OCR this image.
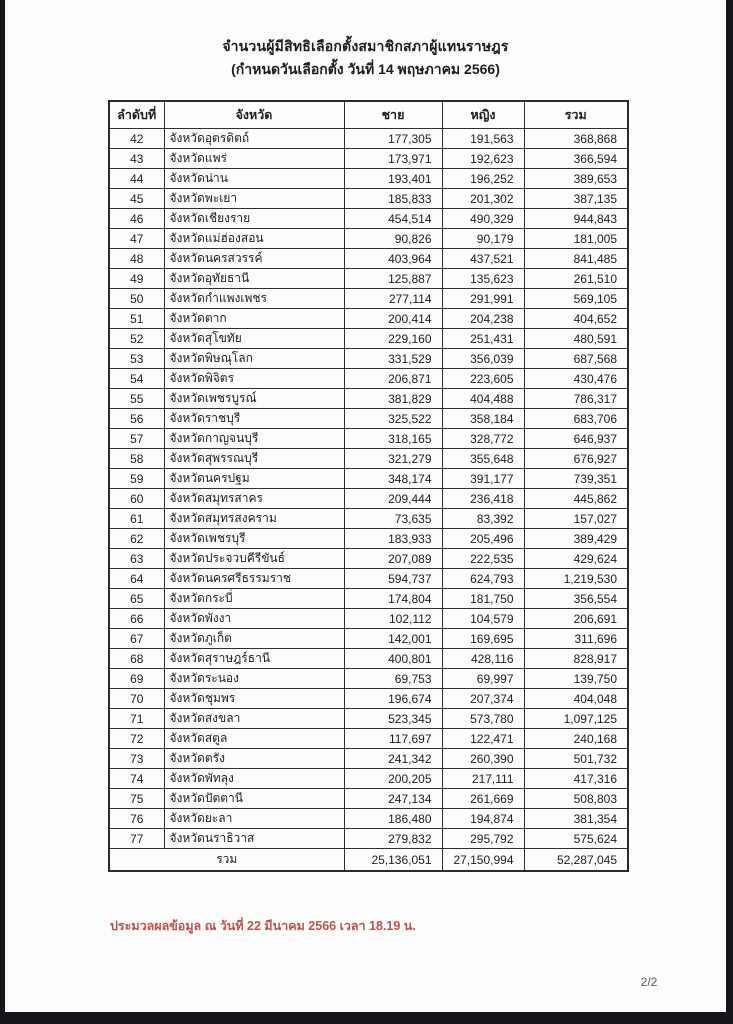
จำนวนผู้มีสิทธิเลือกตั้งสมาชิกสภาผู้แทนราษฎร
(กำหนดวันเลือกตั้ง วันที่ 14 พฤษภาคม 2566)
ลำดับที่	จังหวัด	ชาย	หญิง	รวม
42	จังหวัดอุตรดิตถ์	177,305	191,563	368,868
43	จังหวัดแพร่	173,971	192,623	366,594
44	จังหวัดน่าน	193,401	196,252	389,653
45	จังหวัดพะเยา	185,833	201,302	387,135
46	จังหวัดเชียงราย	454,514	490,329	944,843
47	จังหวัดแม่ฮ่องสอน	90,826	90,179	181,005
48	จังหวัดนครสวรรค์	403,964	437,521	841,485
49	จังหวัดอุทัยธานี	125,887	135,623	261,510
50	จังหวัดกำแพงเพชร	277,114	291,991	569,105
51	จังหวัดตาก	200,414	204,238	404,652
52	จังหวัดสุโขทัย	229,160	251,431	480,591
53	จังหวัดพิษณุโลก	331,529	356,039	687,568
54	จังหวัดพิจิตร	206,871	223,605	430,476
55	จังหวัดเพชรบูรณ์	381,829	404,488	786,317
56	จังหวัดราชบุรี	325,522	358,184	683,706
57	จังหวัดกาญจนบุรี	318,165	328,772	646,937
58	จังหวัดสุพรรณบุรี	321,279	355,648	676,927
59	จังหวัดนครปฐม	348,174	391,177	739,351
60	จังหวัดสมุทรสาคร	209,444	236,418	445,862
61	จังหวัดสมุทรสงคราม	73,635	83,392	157,027
62	จังหวัดเพชรบุรี	183,933	205,496	389,429
63	จังหวัดประจวบคีรีขันธ์	207,089	222,535	429,624
64	จังหวัดนครศรีธรรมราช	594,737	624,793	1,219,530
65	จังหวัดกระบี่	174,804	181,750	356,554
66	จังหวัดพังงา	102,112	104,579	206,691
67	จังหวัดภูเก็ต	142,001	169,695	311,696
68	จังหวัดสุราษฎร์ธานี	400,801	428,116	828,917
69	จังหวัดระนอง	69,753	69,997	139,750
70	จังหวัดชุมพร	196,674	207,374	404,048
71	จังหวัดสงขลา	523,345	573,780	1,097,125
72	จังหวัดสตูล	117,697	122,471	240,168
73	จังหวัดตรัง	241,342	260,390	501,732
74	จังหวัดพัทลุง	200,205	217,111	417,316
75	จังหวัดปัตตานี	247,134	261,669	508,803
76	จังหวัดยะลา	186,480	194,874	381,354
77	จังหวัดนราธิวาส	279,832	295,792	575,624
รวม		25,136,051	27,150,994	52,287,045
ประมวลผลข้อมูล ณ วันที่ 22 มีนาคม 2566 เวลา 18.19 น.
2/2
